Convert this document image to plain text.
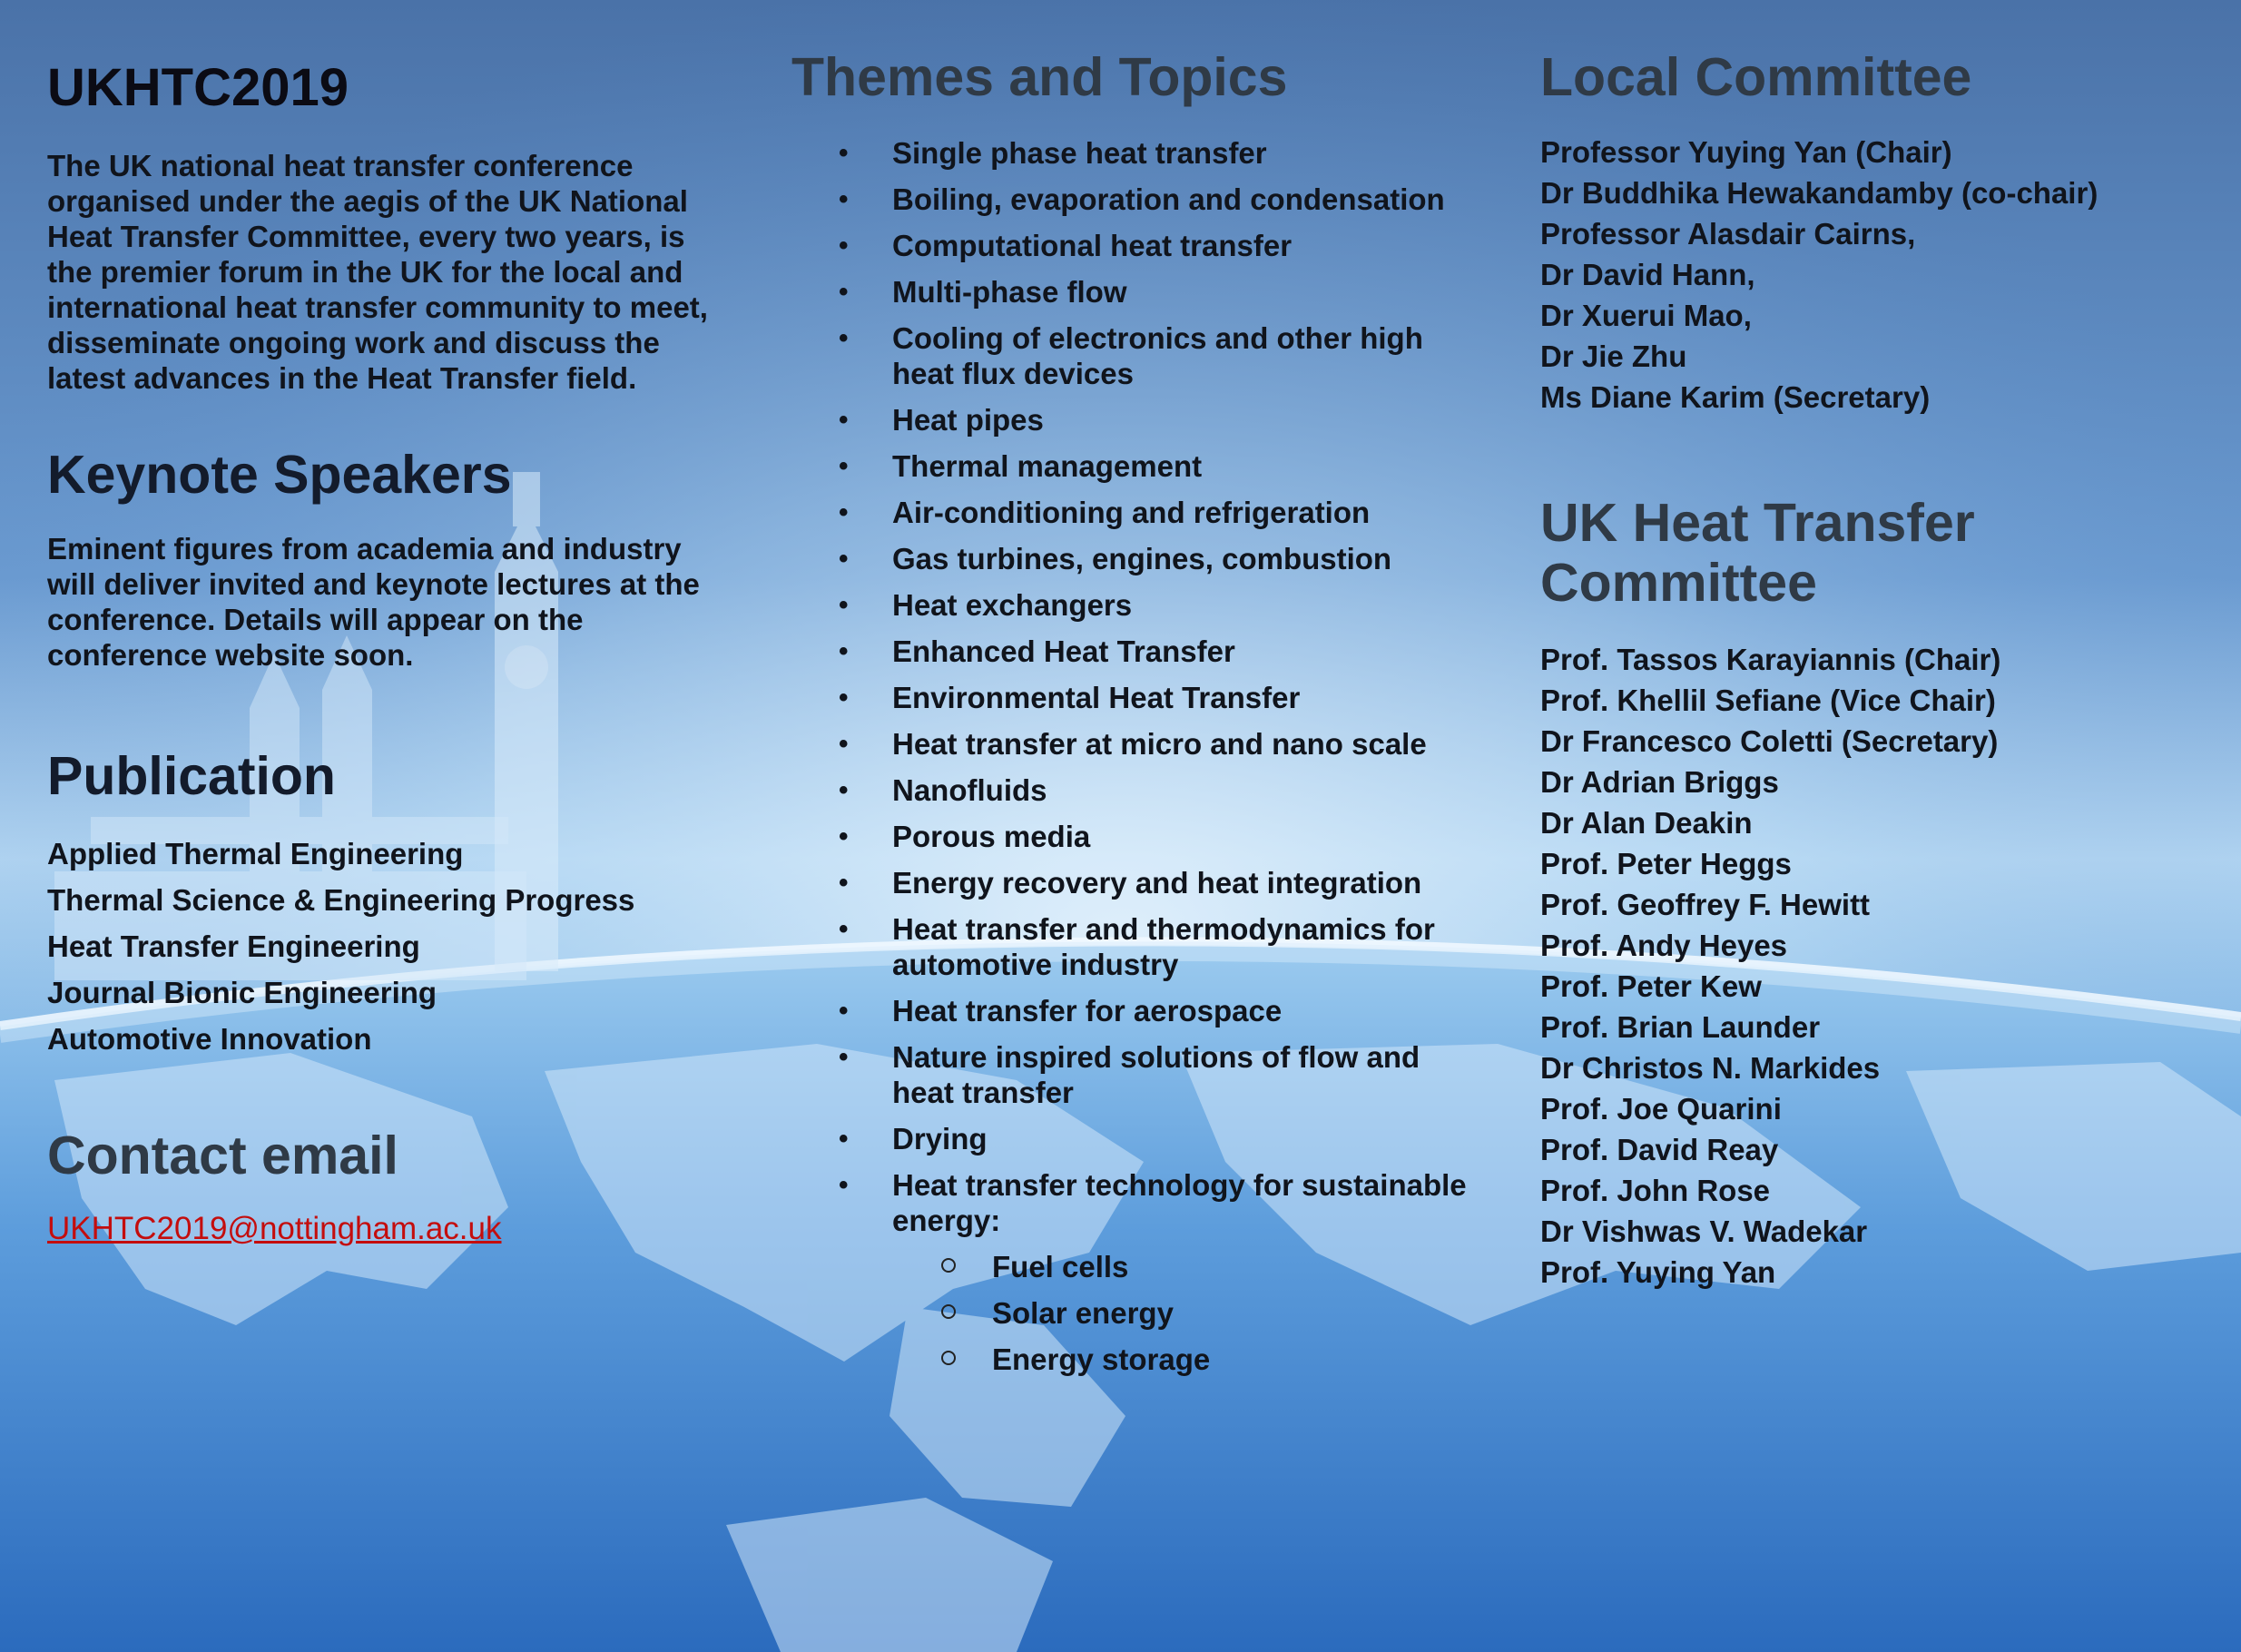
UKHTC2019

The UK national heat transfer conference organised under the aegis of the UK National Heat Transfer Committee, every two years, is the premier forum in the UK for the local and international heat transfer community to meet, disseminate ongoing work and discuss the latest advances in the Heat Transfer field.

Keynote Speakers

Eminent figures from academia and industry will deliver invited and keynote lectures at the conference. Details will appear on the conference website soon.

Publication
Applied Thermal Engineering
Thermal Science & Engineering Progress
Heat Transfer Engineering
Journal Bionic Engineering
Automotive Innovation
Contact email
UKHTC2019@nottingham.ac.uk
Themes and Topics
• Single phase heat transfer
• Boiling, evaporation and condensation
• Computational heat transfer
• Multi-phase flow
• Cooling of electronics and other high heat flux devices
• Heat pipes
• Thermal management
• Air-conditioning and refrigeration
• Gas turbines, engines, combustion
• Heat exchangers
• Enhanced Heat Transfer
• Environmental Heat Transfer
• Heat transfer at micro and nano scale
• Nanofluids
• Porous media
• Energy recovery and heat integration
• Heat transfer and thermodynamics for automotive industry
• Heat transfer for aerospace
• Nature inspired solutions of flow and heat transfer
• Drying
• Heat transfer technology for sustainable energy:
Fuel cells
Solar energy
Energy storage
Local Committee
Professor Yuying Yan (Chair)
Dr Buddhika Hewakandamby (co-chair)
Professor Alasdair Cairns,
Dr David Hann,
Dr Xuerui Mao,
Dr Jie Zhu
Ms Diane Karim (Secretary)
UK Heat Transfer
Committee
Prof. Tassos Karayiannis (Chair)
Prof. Khellil Sefiane (Vice Chair)
Dr Francesco Coletti (Secretary)
Dr Adrian Briggs
Dr Alan Deakin
Prof. Peter Heggs
Prof. Geoffrey F. Hewitt
Prof. Andy Heyes
Prof. Peter Kew
Prof. Brian Launder
Dr Christos N. Markides
Prof. Joe Quarini
Prof. David Reay
Prof. John Rose
Dr Vishwas V. Wadekar
Prof. Yuying Yan
